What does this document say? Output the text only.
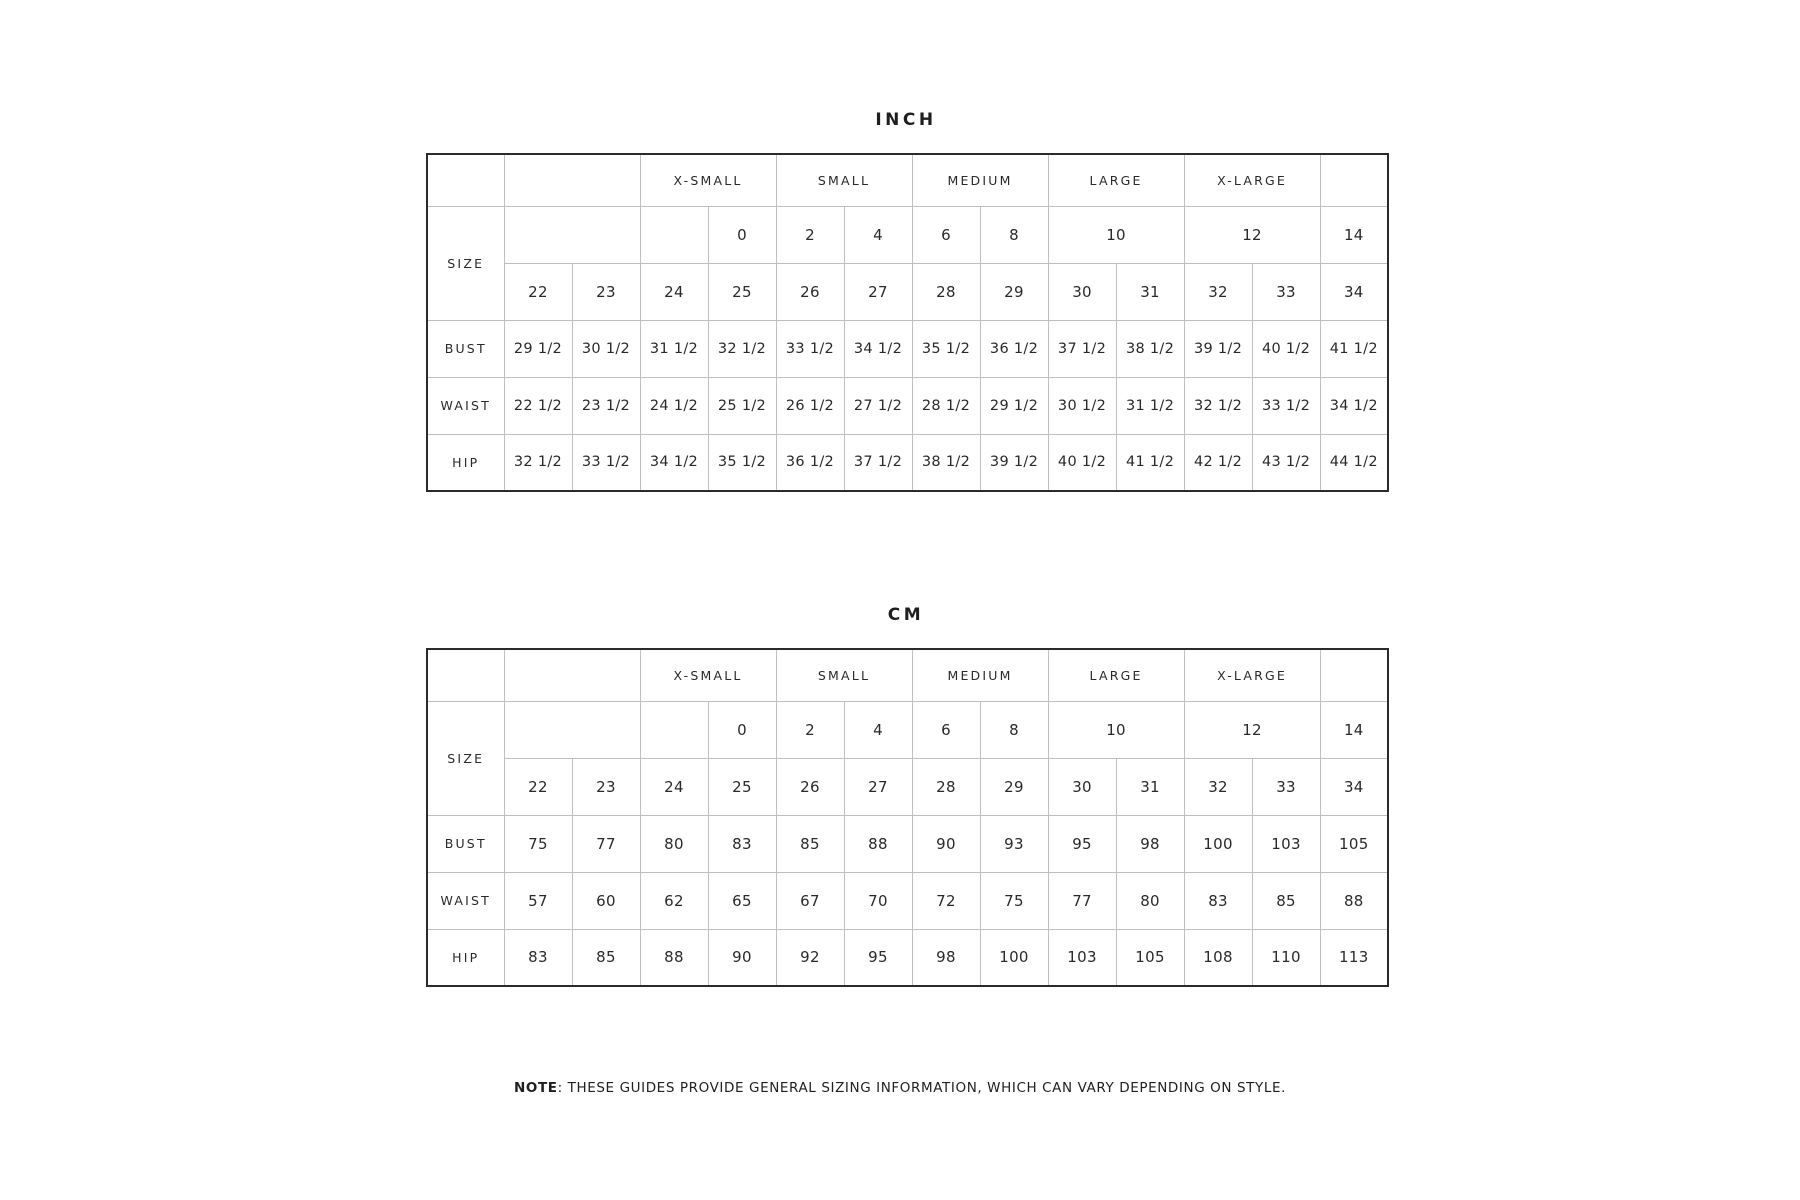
INCH
			X-SMALL		SMALL		MEDIUM		LARGE		X-LARGE		
SIZE				0	2	4	6	8	10		12		14
	22	23	24	25	26	27	28	29	30	31	32	33	34
BUST	29 1/2	30 1/2	31 1/2	32 1/2	33 1/2	34 1/2	35 1/2	36 1/2	37 1/2	38 1/2	39 1/2	40 1/2	41 1/2
WAIST	22 1/2	23 1/2	24 1/2	25 1/2	26 1/2	27 1/2	28 1/2	29 1/2	30 1/2	31 1/2	32 1/2	33 1/2	34 1/2
HIP	32 1/2	33 1/2	34 1/2	35 1/2	36 1/2	37 1/2	38 1/2	39 1/2	40 1/2	41 1/2	42 1/2	43 1/2	44 1/2
CM
			X-SMALL		SMALL		MEDIUM		LARGE		X-LARGE		
SIZE				0	2	4	6	8	10		12		14
	22	23	24	25	26	27	28	29	30	31	32	33	34
BUST	75	77	80	83	85	88	90	93	95	98	100	103	105
WAIST	57	60	62	65	67	70	72	75	77	80	83	85	88
HIP	83	85	88	90	92	95	98	100	103	105	108	110	113
NOTE: THESE GUIDES PROVIDE GENERAL SIZING INFORMATION, WHICH CAN VARY DEPENDING ON STYLE.
